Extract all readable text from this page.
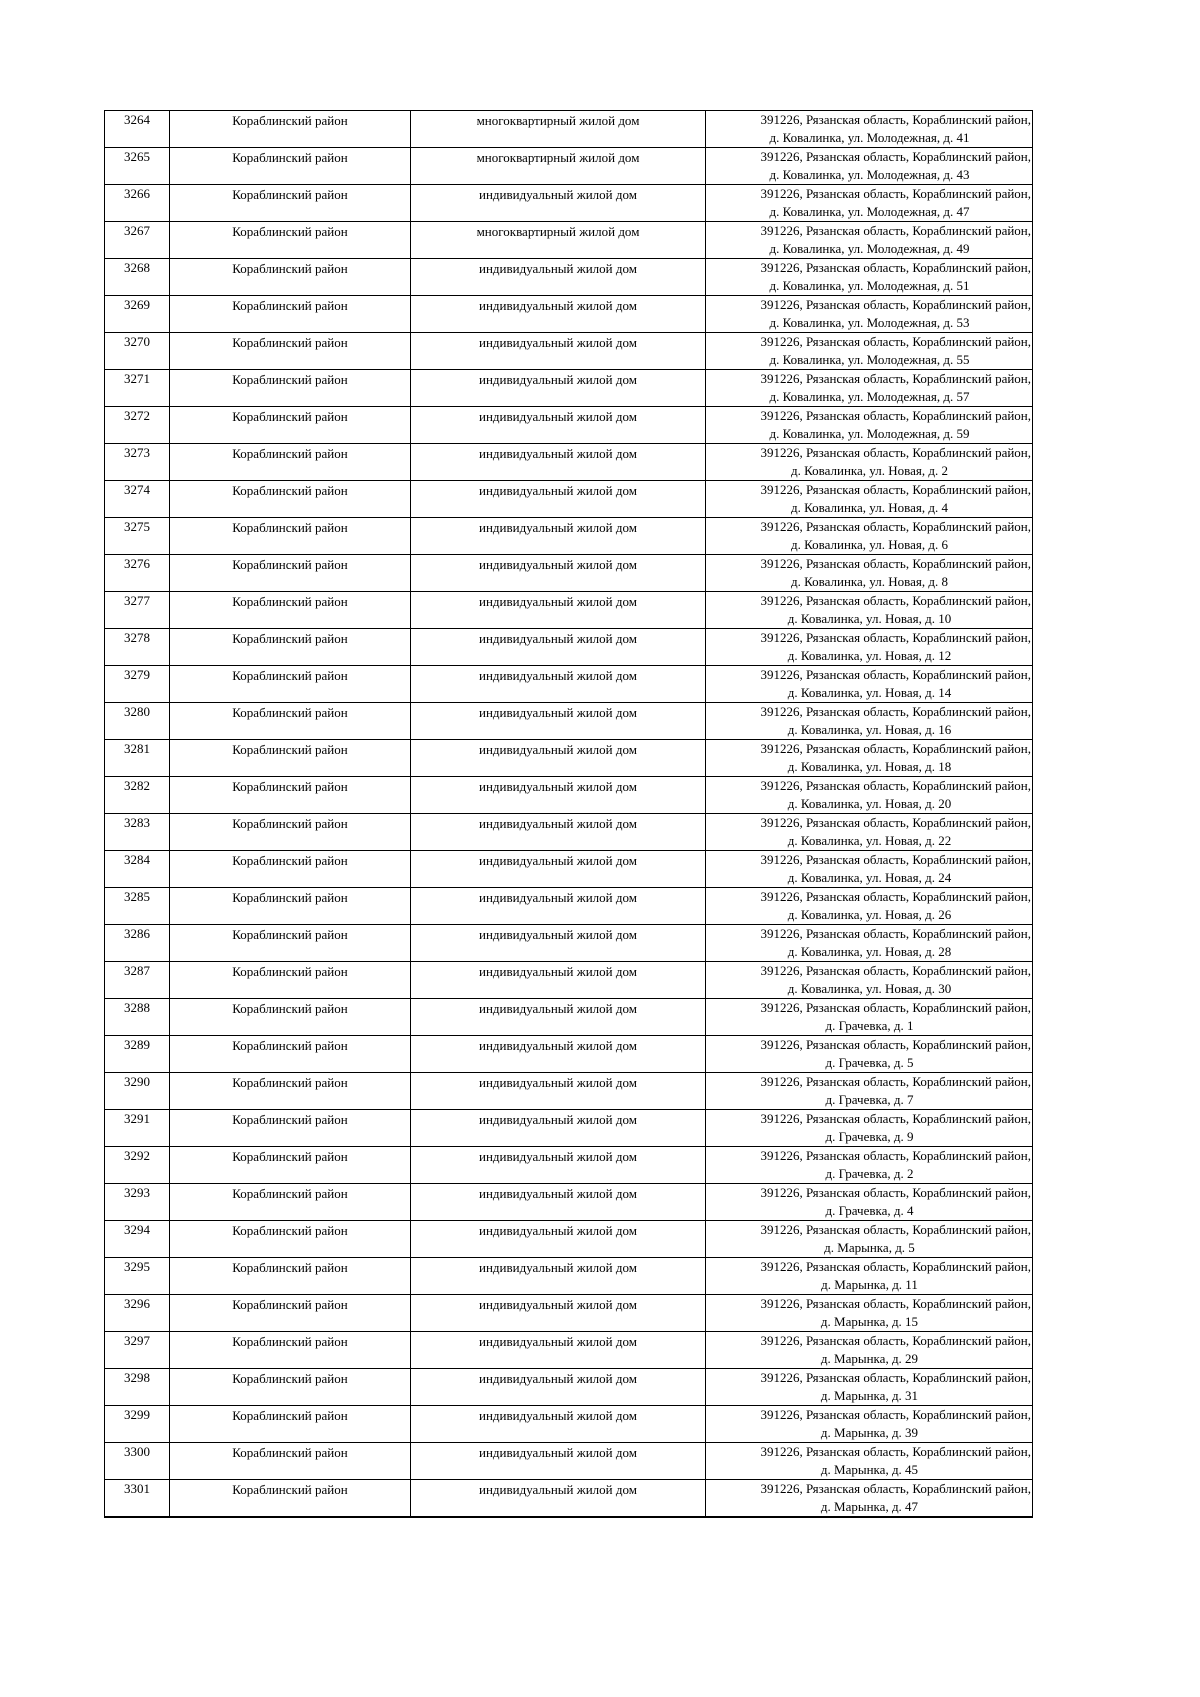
3264	Кораблинский район	многоквартирный жилой дом	391226, Рязанская область, Кораблинский район,
д. Ковалинка, ул. Молодежная, д. 41

3265	Кораблинский район	многоквартирный жилой дом	391226, Рязанская область, Кораблинский район,
д. Ковалинка, ул. Молодежная, д. 43

3266	Кораблинский район	индивидуальный жилой дом	391226, Рязанская область, Кораблинский район,
д. Ковалинка, ул. Молодежная, д. 47

3267	Кораблинский район	многоквартирный жилой дом	391226, Рязанская область, Кораблинский район,
д. Ковалинка, ул. Молодежная, д. 49

3268	Кораблинский район	индивидуальный жилой дом	391226, Рязанская область, Кораблинский район,
д. Ковалинка, ул. Молодежная, д. 51

3269	Кораблинский район	индивидуальный жилой дом	391226, Рязанская область, Кораблинский район,
д. Ковалинка, ул. Молодежная, д. 53

3270	Кораблинский район	индивидуальный жилой дом	391226, Рязанская область, Кораблинский район,
д. Ковалинка, ул. Молодежная, д. 55

3271	Кораблинский район	индивидуальный жилой дом	391226, Рязанская область, Кораблинский район,
д. Ковалинка, ул. Молодежная, д. 57

3272	Кораблинский район	индивидуальный жилой дом	391226, Рязанская область, Кораблинский район,
д. Ковалинка, ул. Молодежная, д. 59

3273	Кораблинский район	индивидуальный жилой дом	391226, Рязанская область, Кораблинский район,
д. Ковалинка, ул. Новая, д. 2

3274	Кораблинский район	индивидуальный жилой дом	391226, Рязанская область, Кораблинский район,
д. Ковалинка, ул. Новая, д. 4

3275	Кораблинский район	индивидуальный жилой дом	391226, Рязанская область, Кораблинский район,
д. Ковалинка, ул. Новая, д. 6

3276	Кораблинский район	индивидуальный жилой дом	391226, Рязанская область, Кораблинский район,
д. Ковалинка, ул. Новая, д. 8

3277	Кораблинский район	индивидуальный жилой дом	391226, Рязанская область, Кораблинский район,
д. Ковалинка, ул. Новая, д. 10

3278	Кораблинский район	индивидуальный жилой дом	391226, Рязанская область, Кораблинский район,
д. Ковалинка, ул. Новая, д. 12

3279	Кораблинский район	индивидуальный жилой дом	391226, Рязанская область, Кораблинский район,
д. Ковалинка, ул. Новая, д. 14

3280	Кораблинский район	индивидуальный жилой дом	391226, Рязанская область, Кораблинский район,
д. Ковалинка, ул. Новая, д. 16

3281	Кораблинский район	индивидуальный жилой дом	391226, Рязанская область, Кораблинский район,
д. Ковалинка, ул. Новая, д. 18

3282	Кораблинский район	индивидуальный жилой дом	391226, Рязанская область, Кораблинский район,
д. Ковалинка, ул. Новая, д. 20

3283	Кораблинский район	индивидуальный жилой дом	391226, Рязанская область, Кораблинский район,
д. Ковалинка, ул. Новая, д. 22

3284	Кораблинский район	индивидуальный жилой дом	391226, Рязанская область, Кораблинский район,
д. Ковалинка, ул. Новая, д. 24

3285	Кораблинский район	индивидуальный жилой дом	391226, Рязанская область, Кораблинский район,
д. Ковалинка, ул. Новая, д. 26

3286	Кораблинский район	индивидуальный жилой дом	391226, Рязанская область, Кораблинский район,
д. Ковалинка, ул. Новая, д. 28

3287	Кораблинский район	индивидуальный жилой дом	391226, Рязанская область, Кораблинский район,
д. Ковалинка, ул. Новая, д. 30

3288	Кораблинский район	индивидуальный жилой дом	391226, Рязанская область, Кораблинский район,
д. Грачевка, д. 1

3289	Кораблинский район	индивидуальный жилой дом	391226, Рязанская область, Кораблинский район,
д. Грачевка, д. 5

3290	Кораблинский район	индивидуальный жилой дом	391226, Рязанская область, Кораблинский район,
д. Грачевка, д. 7

3291	Кораблинский район	индивидуальный жилой дом	391226, Рязанская область, Кораблинский район,
д. Грачевка, д. 9

3292	Кораблинский район	индивидуальный жилой дом	391226, Рязанская область, Кораблинский район,
д. Грачевка, д. 2

3293	Кораблинский район	индивидуальный жилой дом	391226, Рязанская область, Кораблинский район,
д. Грачевка, д. 4

3294	Кораблинский район	индивидуальный жилой дом	391226, Рязанская область, Кораблинский район,
д. Марынка, д. 5

3295	Кораблинский район	индивидуальный жилой дом	391226, Рязанская область, Кораблинский район,
д. Марынка, д. 11

3296	Кораблинский район	индивидуальный жилой дом	391226, Рязанская область, Кораблинский район,
д. Марынка, д. 15

3297	Кораблинский район	индивидуальный жилой дом	391226, Рязанская область, Кораблинский район,
д. Марынка, д. 29

3298	Кораблинский район	индивидуальный жилой дом	391226, Рязанская область, Кораблинский район,
д. Марынка, д. 31

3299	Кораблинский район	индивидуальный жилой дом	391226, Рязанская область, Кораблинский район,
д. Марынка, д. 39

3300	Кораблинский район	индивидуальный жилой дом	391226, Рязанская область, Кораблинский район,
д. Марынка, д. 45

3301	Кораблинский район	индивидуальный жилой дом	391226, Рязанская область, Кораблинский район,
д. Марынка, д. 47
